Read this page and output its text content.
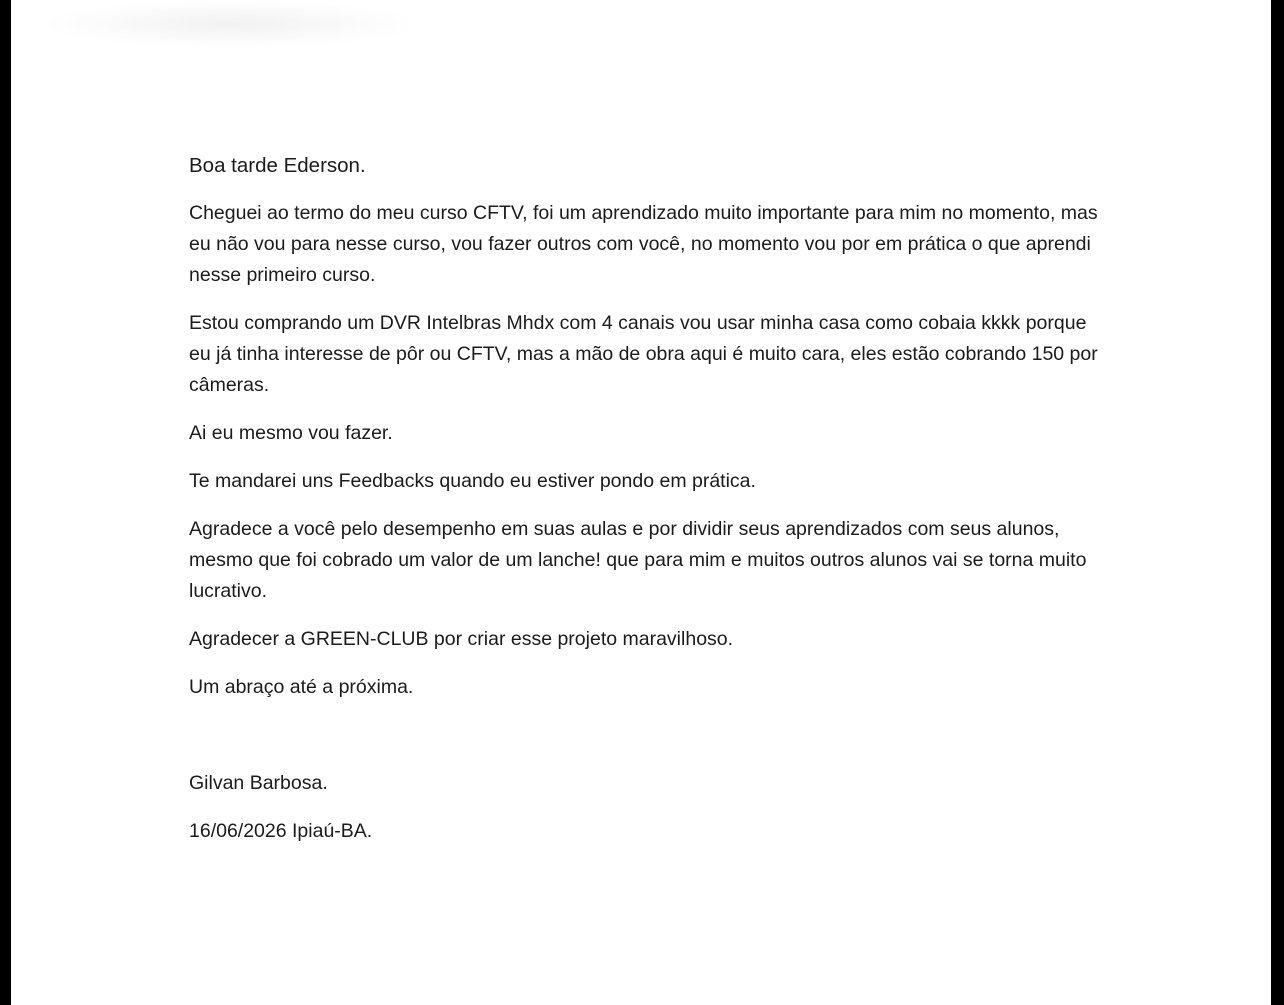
Boa tarde Ederson.

Cheguei ao termo do meu curso CFTV, foi um aprendizado muito importante para mim no momento, mas eu não vou para nesse curso, vou fazer outros com você, no momento vou por em prática o que aprendi nesse primeiro curso.

Estou comprando um DVR Intelbras Mhdx com 4 canais vou usar minha casa como cobaia kkkk porque eu já tinha interesse de pôr ou CFTV, mas a mão de obra aqui é muito cara, eles estão cobrando 150 por câmeras.

Ai eu mesmo vou fazer.

Te mandarei uns Feedbacks quando eu estiver pondo em prática.

Agradece a você pelo desempenho em suas aulas e por dividir seus aprendizados com seus alunos, mesmo que foi cobrado um valor de um lanche! que para mim e muitos outros alunos vai se torna muito lucrativo.

Agradecer a GREEN-CLUB por criar esse projeto maravilhoso.

Um abraço até a próxima.

Gilvan Barbosa.

16/06/2026 Ipiaú-BA.
